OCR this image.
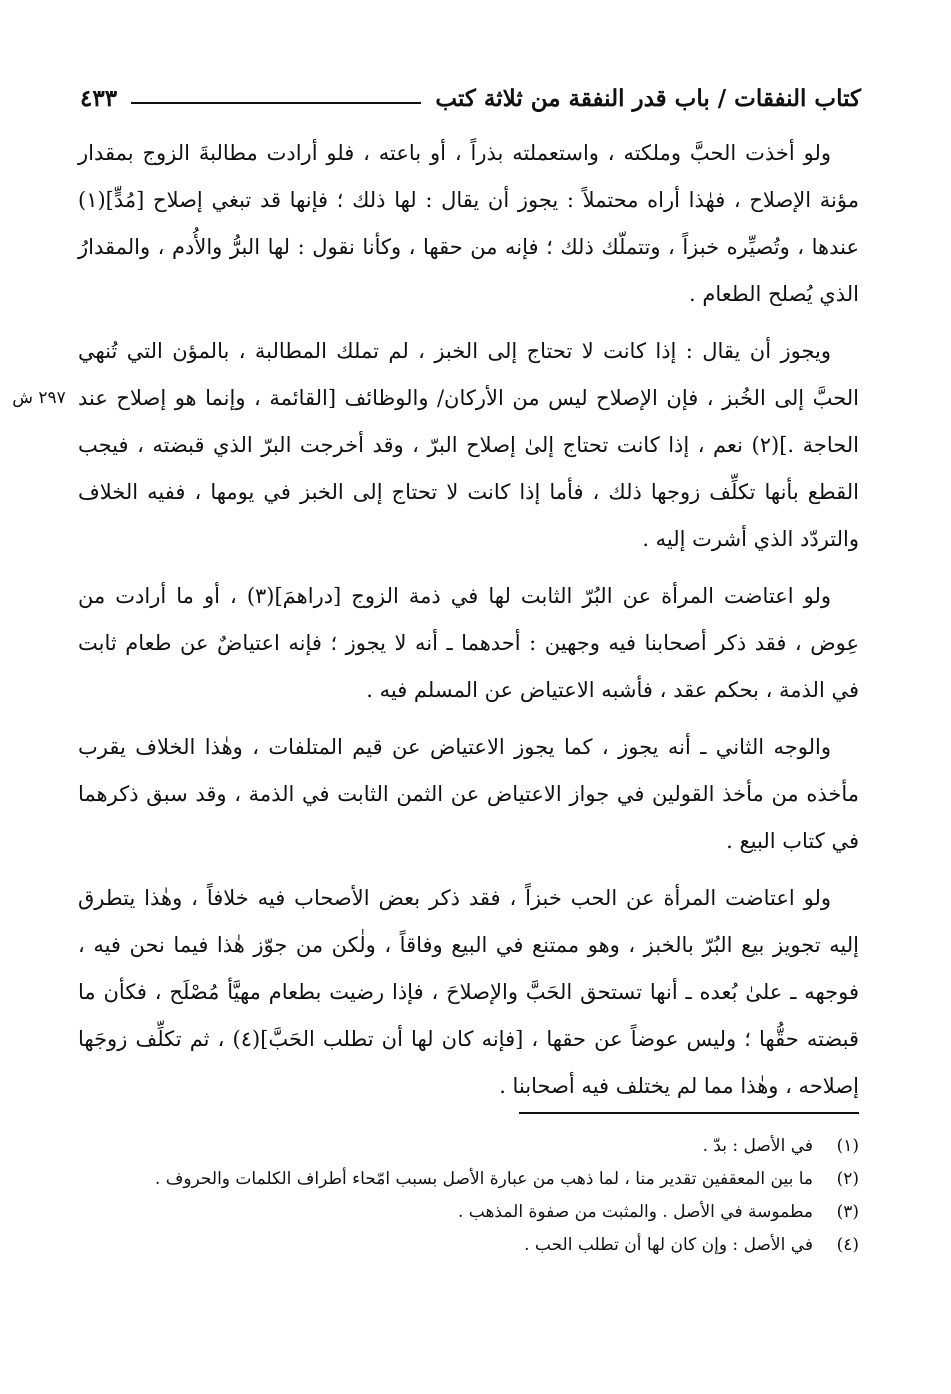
كتاب النفقات / باب قدر النفقة من ثلاثة كتب
٤٣٣
٢٩٧ ش

ولو أخذت الحبَّ وملكته ، واستعملته بذراً ، أو باعته ، فلو أرادت مطالبةَ الزوج بمقدار مؤنة الإصلاح ، فهٰذا أراه محتملاً : يجوز أن يقال : لها ذلك ؛ فإنها قد تبغي إصلاح [مُدٍّ](١) عندها ، وتُصيِّره خبزاً ، وتتملّك ذلك ؛ فإنه من حقها ، وكأنا نقول : لها البرُّ والأُدم ، والمقدارُ الذي يُصلح الطعام .

ويجوز أن يقال : إذا كانت لا تحتاج إلى الخبز ، لم تملك المطالبة ، بالمؤن التي تُنهي الحبَّ إلى الخُبز ، فإن الإصلاح ليس من الأركان/ والوظائف [القائمة ، وإنما هو إصلاح عند الحاجة .](٢) نعم ، إذا كانت تحتاج إلىٰ إصلاح البرّ ، وقد أخرجت البرّ الذي قبضته ، فيجب القطع بأنها تكلِّف زوجها ذلك ، فأما إذا كانت لا تحتاج إلى الخبز في يومها ، ففيه الخلاف والتردّد الذي أشرت إليه .

ولو اعتاضت المرأة عن البُرّ الثابت لها في ذمة الزوج [دراهمَ](٣) ، أو ما أرادت من عِوض ، فقد ذكر أصحابنا فيه وجهين : أحدهما ـ أنه لا يجوز ؛ فإنه اعتياضٌ عن طعام ثابت في الذمة ، بحكم عقد ، فأشبه الاعتياض عن المسلم فيه .

والوجه الثاني ـ أنه يجوز ، كما يجوز الاعتياض عن قيم المتلفات ، وهٰذا الخلاف يقرب مأخذه من مأخذ القولين في جواز الاعتياض عن الثمن الثابت في الذمة ، وقد سبق ذكرهما في كتاب البيع .

ولو اعتاضت المرأة عن الحب خبزاً ، فقد ذكر بعض الأصحاب فيه خلافاً ، وهٰذا يتطرق إليه تجويز بيع البُرّ بالخبز ، وهو ممتنع في البيع وفاقاً ، ولٰكن من جوّز هٰذا فيما نحن فيه ، فوجهه ـ علىٰ بُعده ـ أنها تستحق الحَبَّ والإصلاحَ ، فإذا رضيت بطعام مهيَّأ مُصْلَح ، فكأن ما قبضته حقُّها ؛ وليس عوضاً عن حقها ، [فإنه كان لها أن تطلب الحَبَّ](٤) ، ثم تكلِّف زوجَها إصلاحه ، وهٰذا مما لم يختلف فيه أصحابنا .

(١)
في الأصل : بدّ .
(٢)
ما بين المعقفين تقدير منا ، لما ذهب من عبارة الأصل بسبب امّحاء أطراف الكلمات والحروف .
(٣)
مطموسة في الأصل . والمثبت من صفوة المذهب .
(٤)
في الأصل : وإن كان لها أن تطلب الحب .
